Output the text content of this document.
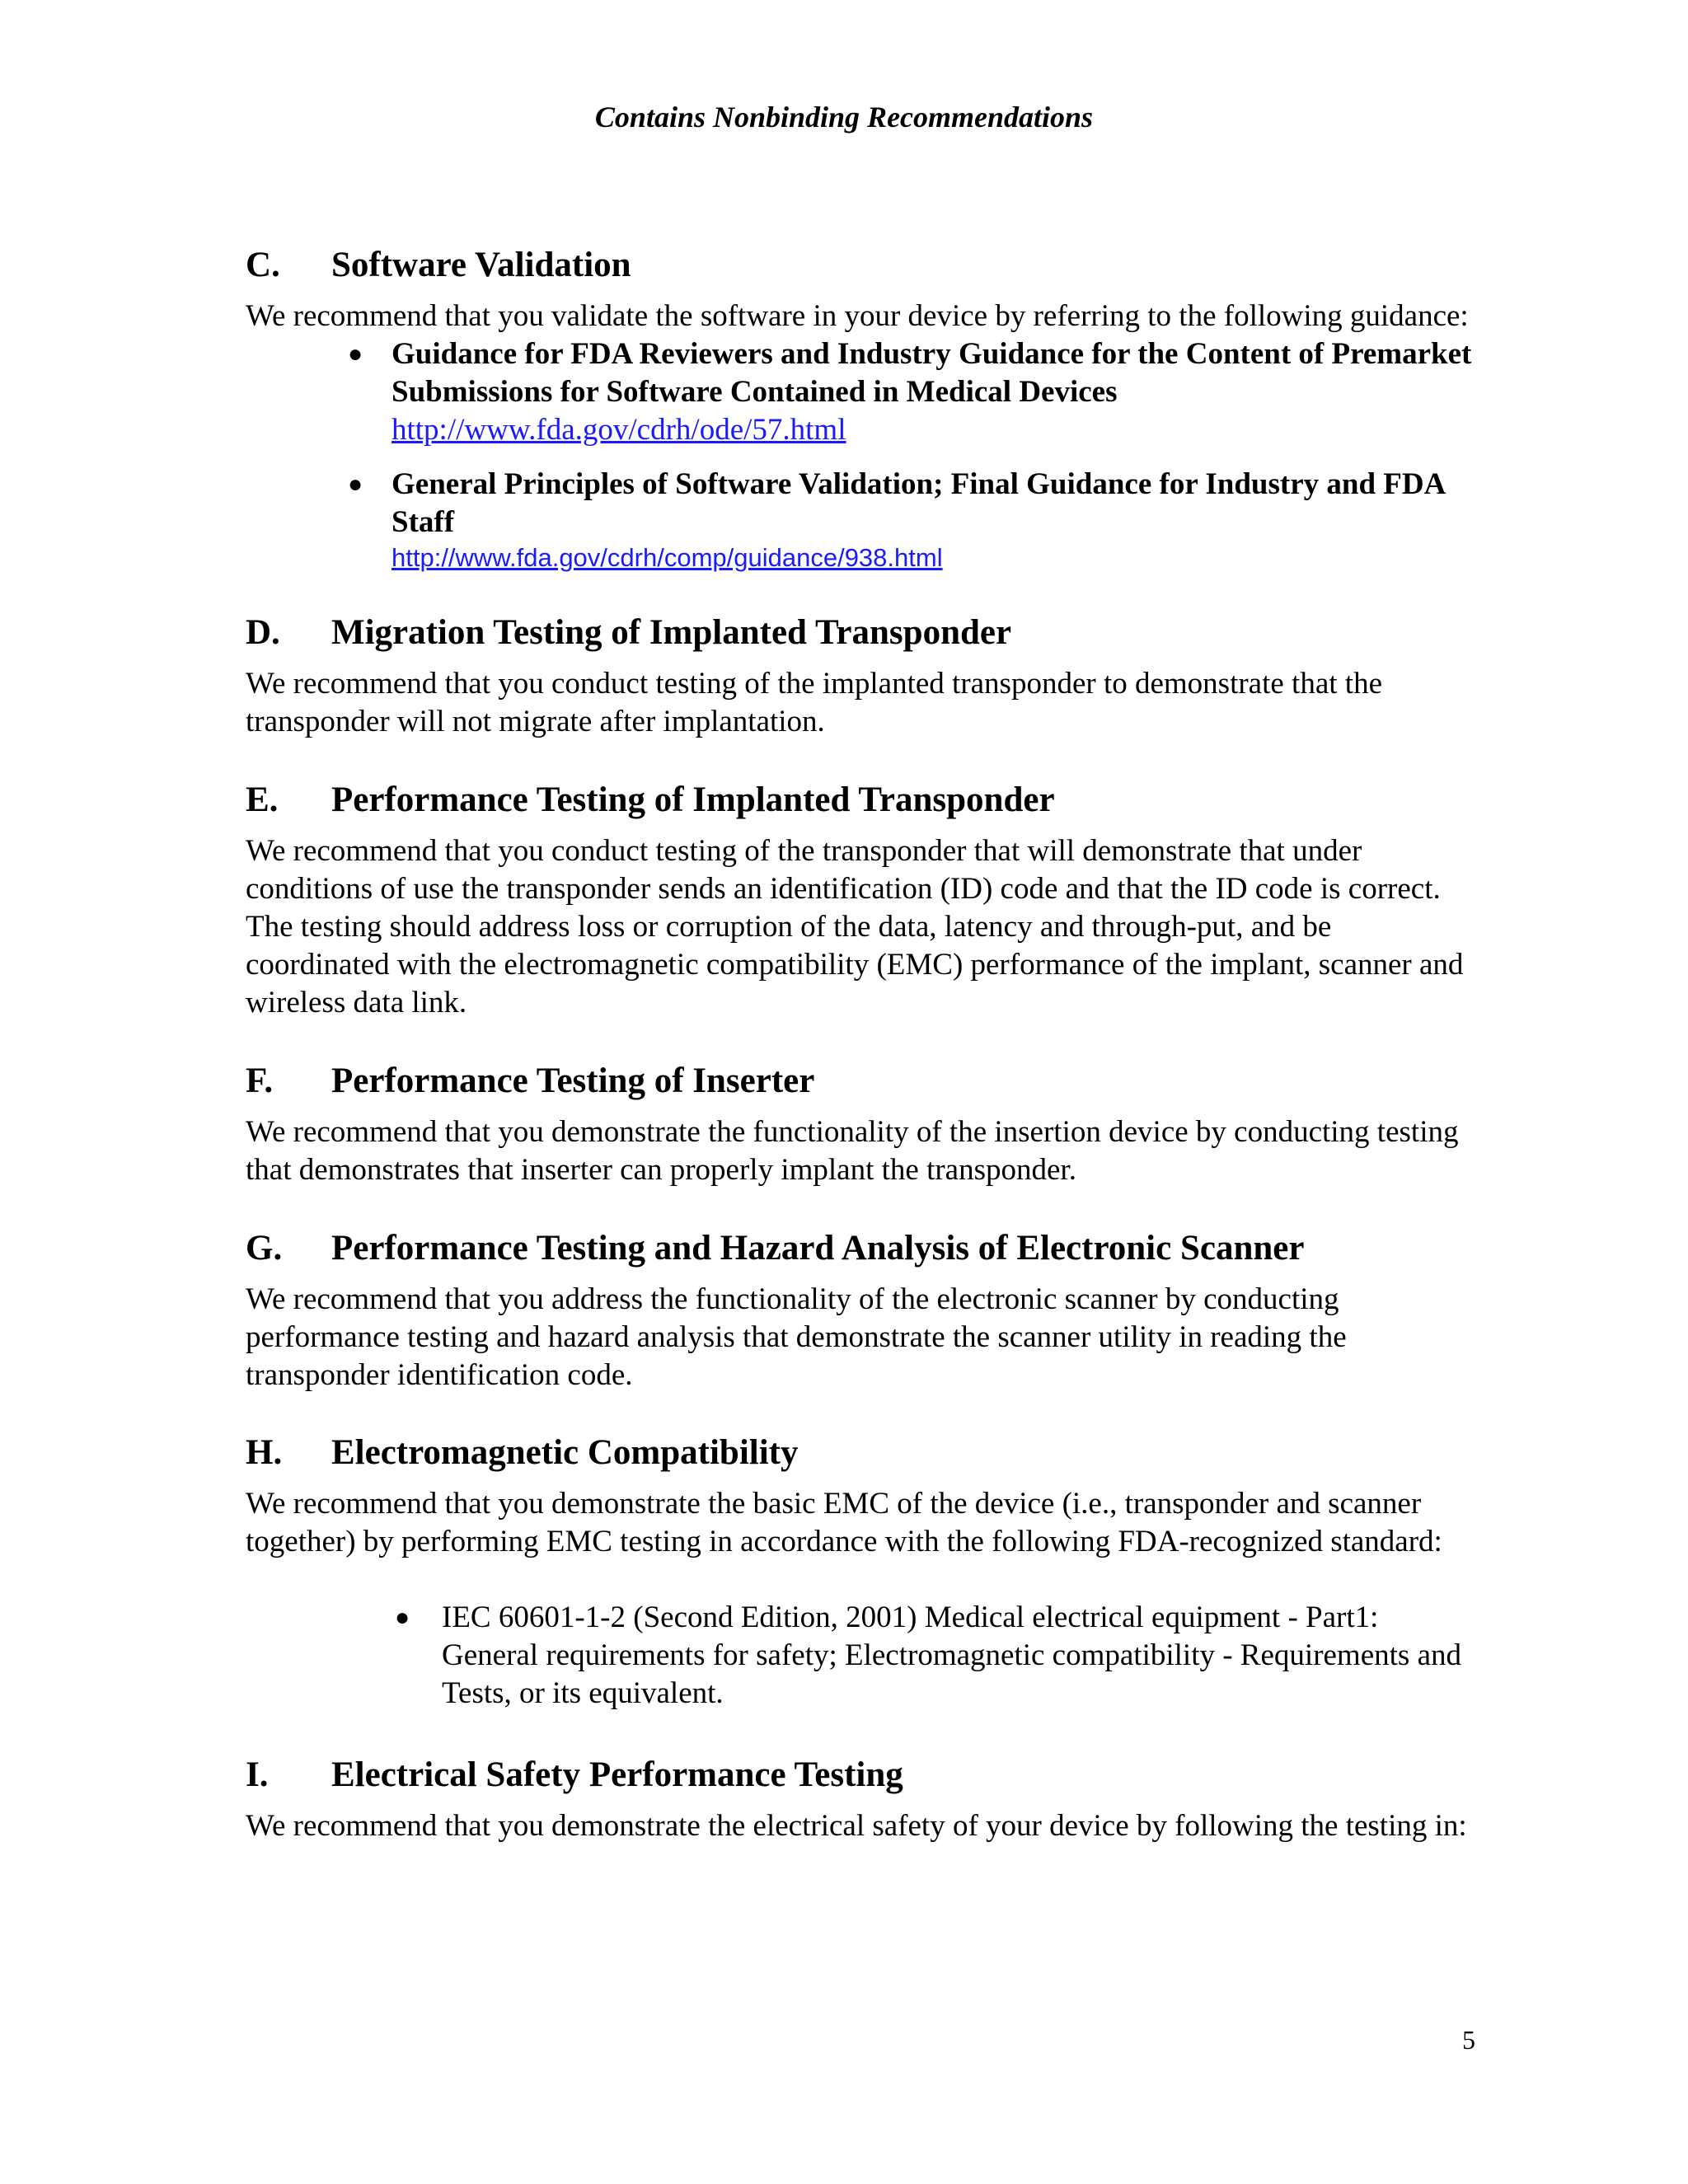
Contains Nonbinding Recommendations
C.	Software Validation

We recommend that you validate the software in your device by referring to the following guidance:

● Guidance for FDA Reviewers and Industry Guidance for the Content of Premarket Submissions for Software Contained in Medical Devices
http://www.fda.gov/cdrh/ode/57.html
● General Principles of Software Validation; Final Guidance for Industry and FDA Staff
http://www.fda.gov/cdrh/comp/guidance/938.html
D.	Migration Testing of Implanted Transponder

We recommend that you conduct testing of the implanted transponder to demonstrate that the transponder will not migrate after implantation.

E.	Performance Testing of Implanted Transponder

We recommend that you conduct testing of the transponder that will demonstrate that under conditions of use the transponder sends an identification (ID) code and that the ID code is correct. The testing should address loss or corruption of the data, latency and through-put, and be coordinated with the electromagnetic compatibility (EMC) performance of the implant, scanner and wireless data link.

F.	Performance Testing of Inserter

We recommend that you demonstrate the functionality of the insertion device by conducting testing that demonstrates that inserter can properly implant the transponder.

G.	Performance Testing and Hazard Analysis of Electronic Scanner

We recommend that you address the functionality of the electronic scanner by conducting performance testing and hazard analysis that demonstrate the scanner utility in reading the transponder identification code.

H.	Electromagnetic Compatibility

We recommend that you demonstrate the basic EMC of the device (i.e., transponder and scanner together) by performing EMC testing in accordance with the following FDA-recognized standard:

● IEC 60601-1-2 (Second Edition, 2001) Medical electrical equipment - Part1: General requirements for safety; Electromagnetic compatibility - Requirements and Tests, or its equivalent.
I.	Electrical Safety Performance Testing

We recommend that you demonstrate the electrical safety of your device by following the testing in:

5
